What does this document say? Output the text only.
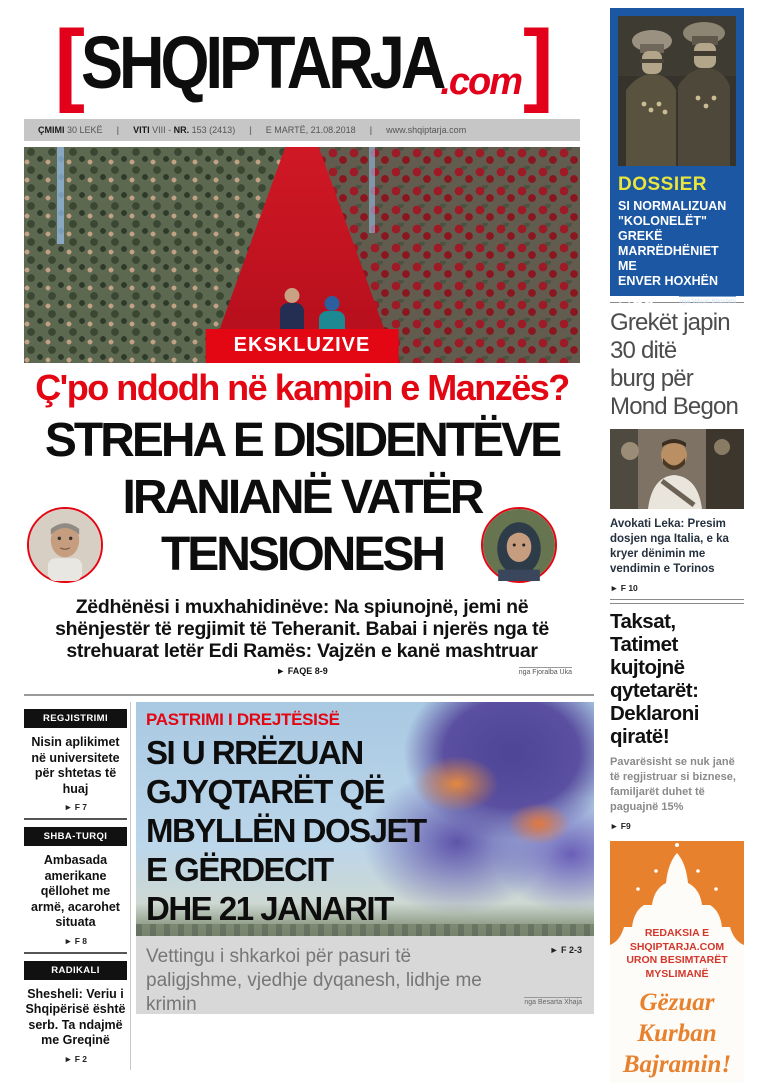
[ SHQIPTARJA
.com ]
ÇMIMI 30 LEKË | VITI VIII - NR. 153 (2413) | E MARTË, 21.08.2018 | www.shqiptarja.com
EKSKLUZIVE
Ç'po ndodh në kampin e Manzës?
STREHA E DISIDENTËVE
IRANIANË VATËR
TENSIONESH
Zëdhënësi i muxhahidinëve: Na spiunojnë, jemi në shënjestër të regjimit të Teheranit. Babai i njerës nga të strehuarat letër Edi Ramës: Vajzën e kanë mashtruar
► FAQE 8-9	nga Fjoralba Uka
REGJISTRIMI
Nisin aplikimet në universitete për shtetas të huaj
► F 7
SHBA-TURQI
Ambasada amerikane qëllohet me armë, acarohet situata
► F 8
RADIKALI
Shesheli: Veriu i Shqipërisë është serb. Ta ndajmë me Greqinë
► F 2
PASTRIMI I DREJTËSISË
SI U RRËZUAN
GJYQTARËT QË
MBYLLËN DOSJET
E GËRDECIT
DHE 21 JANARIT
Vettingu i shkarkoi për pasuri të paligjshme, vjedhje dyqanesh, lidhje me krimin
► F 2-3
nga Besarta Xhaja
DOSSIER
SI NORMALIZUAN
"KOLONELËT"
GREKË
MARRËDHËNIET ME
ENVER HOXHËN
► F12-13	nga Vilson Blloshmi
Grekët japin
30 ditë
burg për
Mond Begon
Avokati Leka: Presim dosjen nga Italia, e ka kryer dënimin me vendimin e Torinos
► F 10
Taksat, Tatimet
kujtojnë
qytetarët:
Deklaroni qiratë!
Pavarësisht se nuk janë të regjistruar si biznese, familjarët duhet të paguajnë 15%
► F9
REDAKSIA E
SHQIPTARJA.COM
URON BESIMTARËT
MYSLIMANË
Gëzuar
Kurban
Bajramin!
